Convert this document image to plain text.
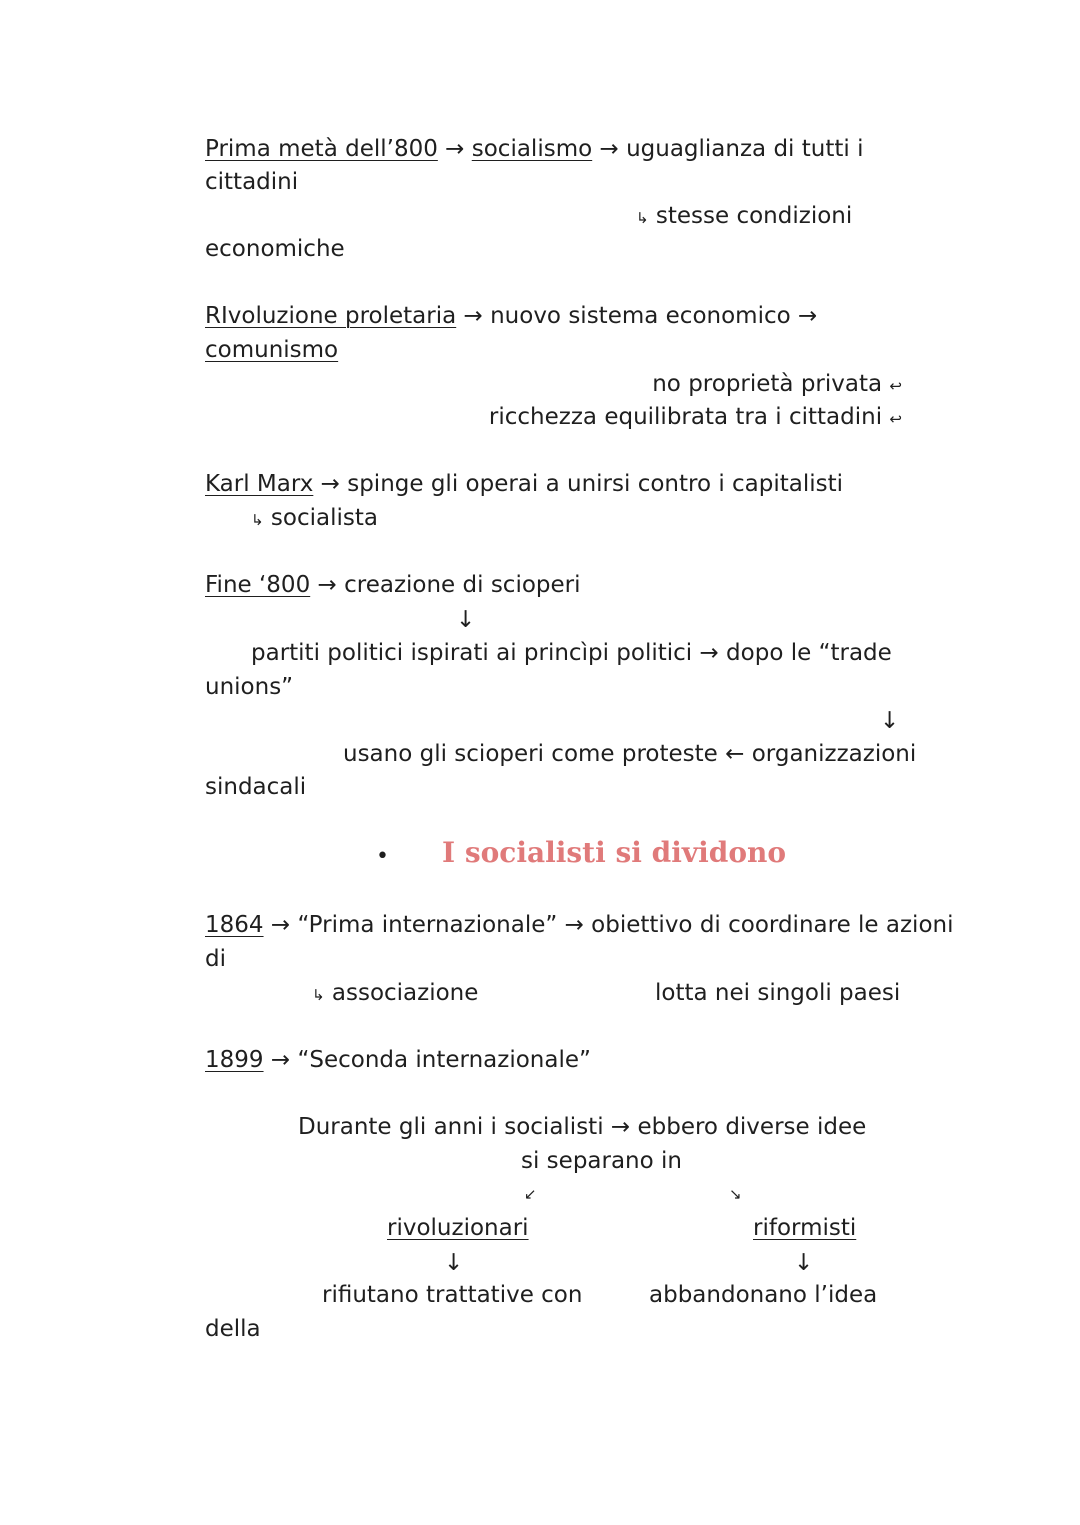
Prima metà dell’800 → socialismo → uguaglianza di tutti i
cittadini
↳ stesse condizioni
economiche
RIvoluzione proletaria → nuovo sistema economico →
comunismo
no proprietà privata ↩
ricchezza equilibrata tra i cittadini ↩
Karl Marx → spinge gli operai a unirsi contro i capitalisti
↳ socialista
Fine ‘800 → creazione di scioperi
↓
partiti politici ispirati ai princìpi politici → dopo le “trade
unions”
↓
usano gli scioperi come proteste ← organizzazioni
sindacali
• I socialisti si dividono
1864 → “Prima internazionale” → obiettivo di coordinare le azioni
di
↳ associazione	lotta nei singoli paesi
1899 → “Seconda internazionale”
Durante gli anni i socialisti → ebbero diverse idee
si separano in
↙	↘
rivoluzionari	riformisti
↓	↓
rifiutano trattative con	abbandonano l’idea
della
